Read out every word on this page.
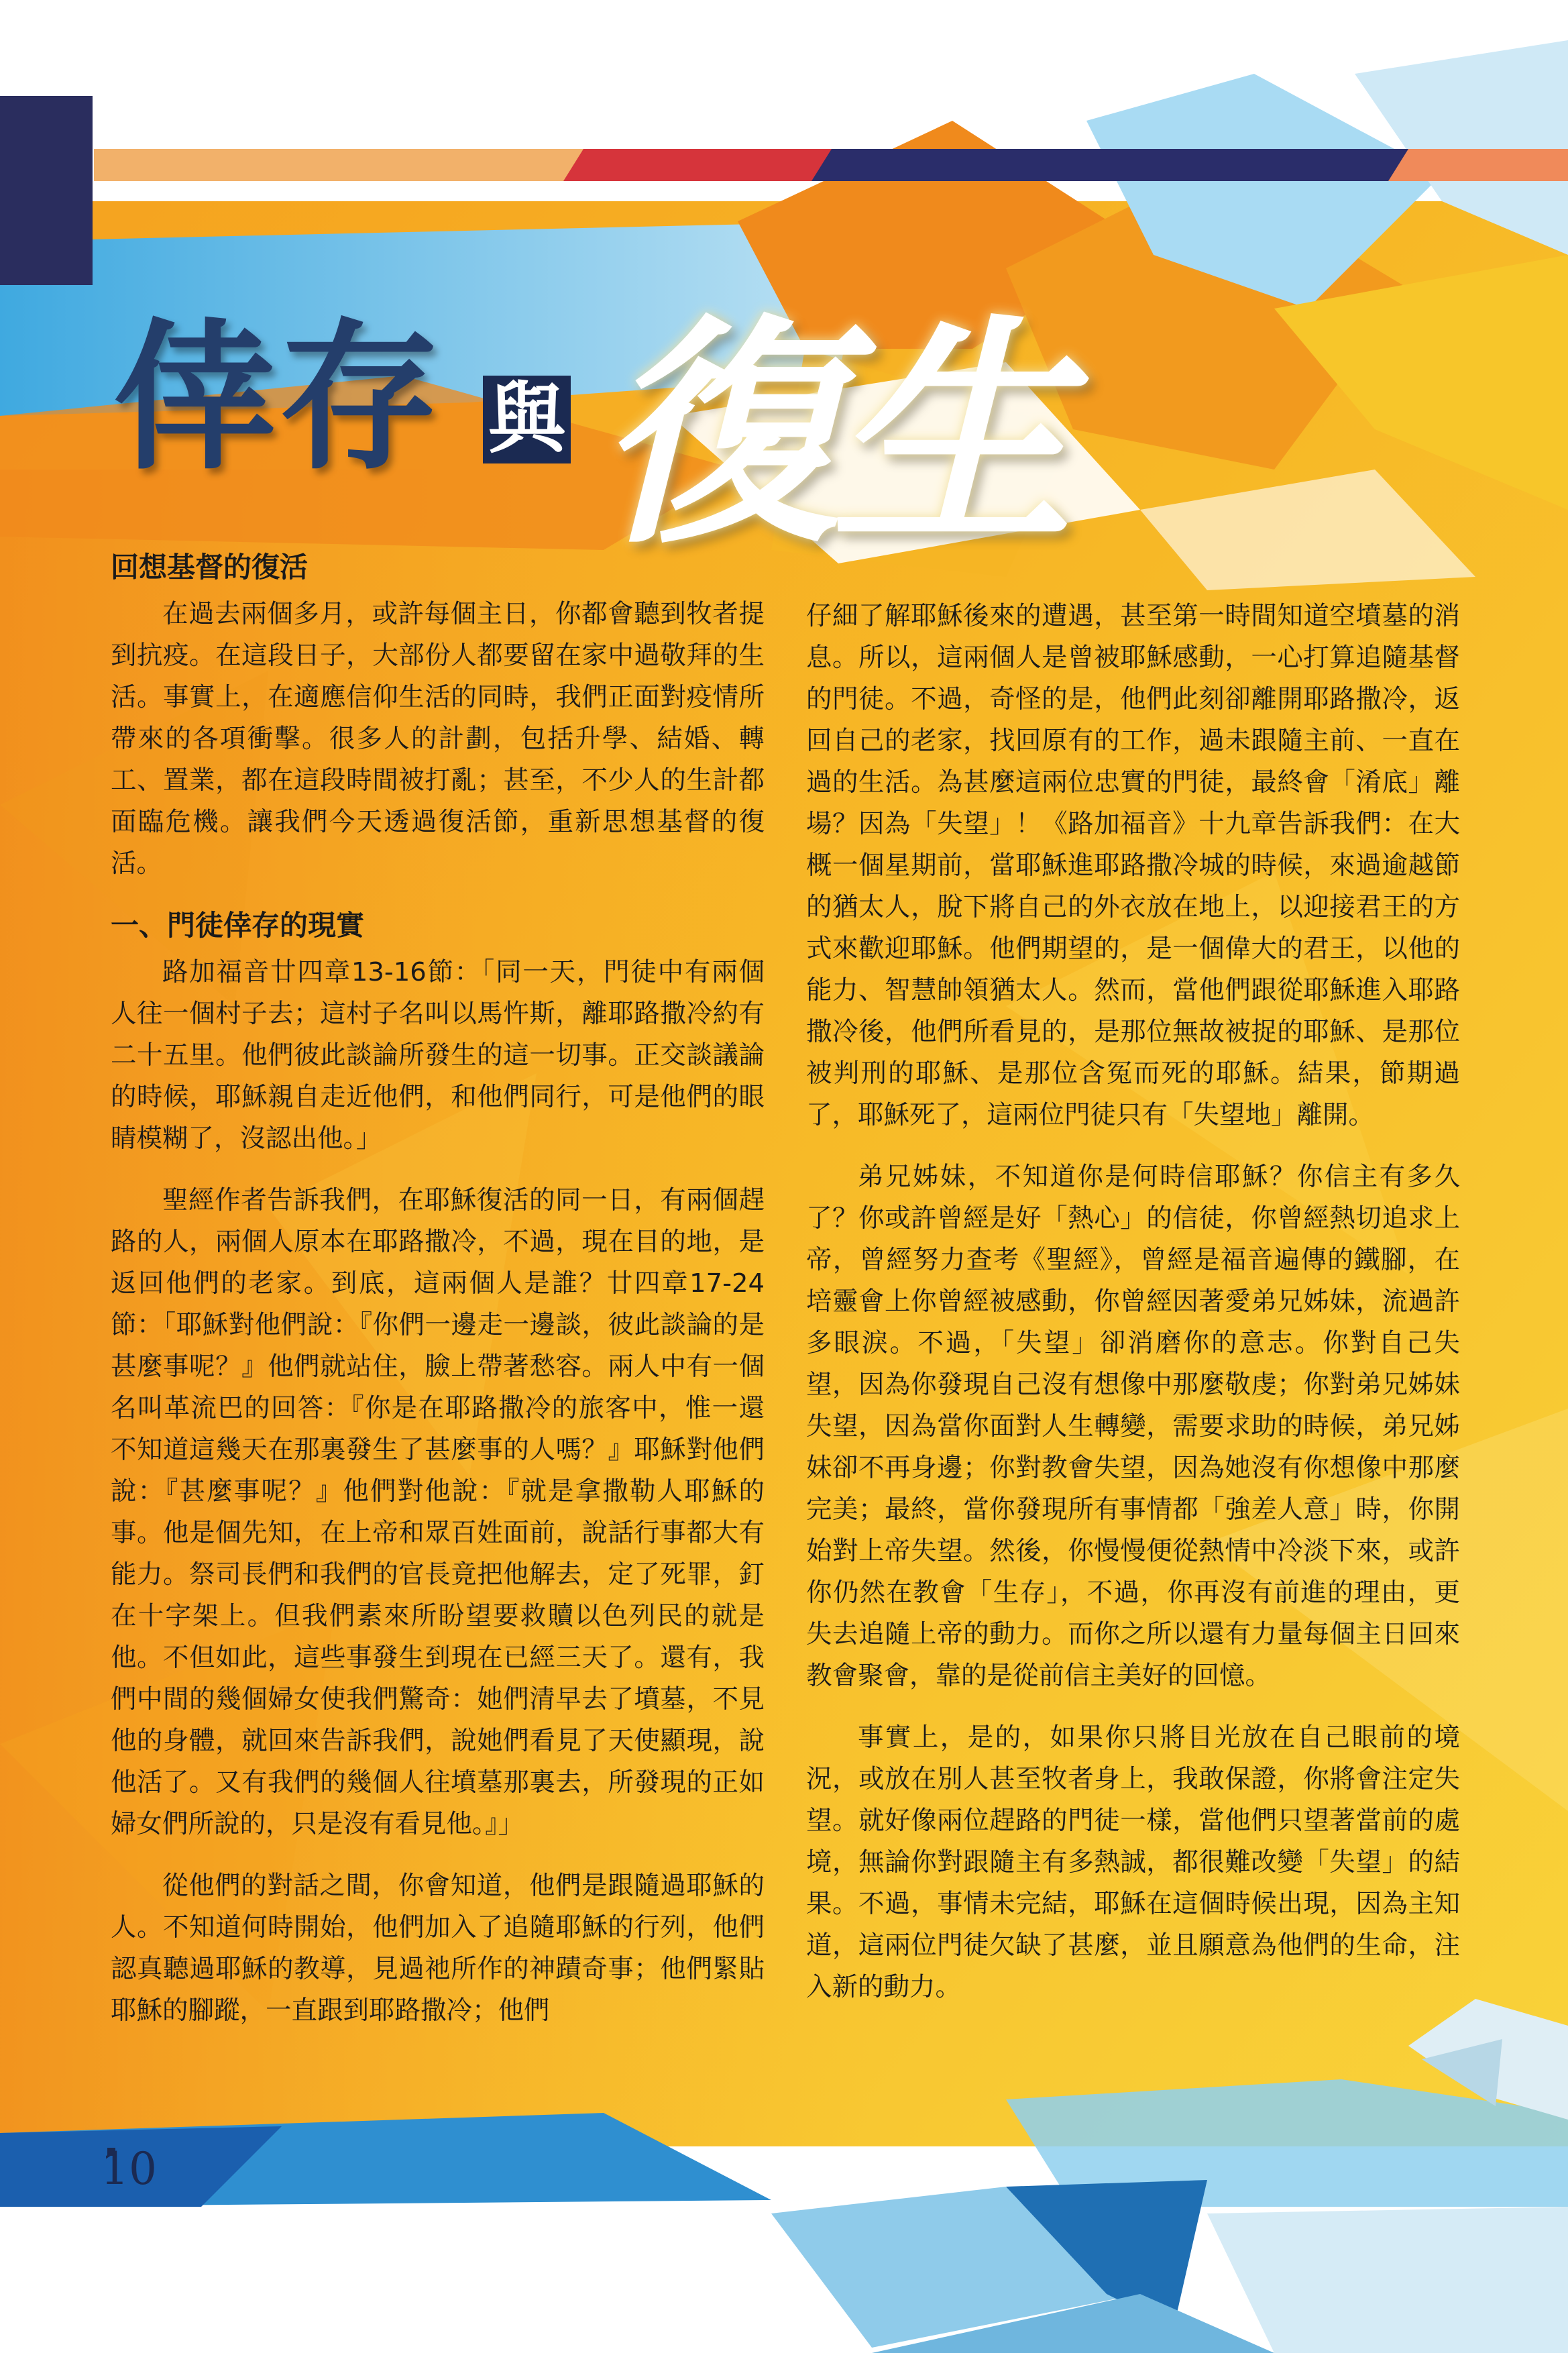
倖存 與 復生
回想基督的復活

在過去兩個多月，或許每個主日，你都會聽到牧者提到抗疫。在這段日子，大部份人都要留在家中過敬拜的生活。事實上，在適應信仰生活的同時，我們正面對疫情所帶來的各項衝擊。很多人的計劃，包括升學、結婚、轉工、置業，都在這段時間被打亂；甚至，不少人的生計都面臨危機。讓我們今天透過復活節，重新思想基督的復活。

一、門徒倖存的現實

路加福音廿四章13-16節：「同一天，門徒中有兩個人往一個村子去；這村子名叫以馬忤斯，離耶路撒冷約有二十五里。他們彼此談論所發生的這一切事。正交談議論的時候，耶穌親自走近他們，和他們同行，可是他們的眼睛模糊了，沒認出他。」

聖經作者告訴我們，在耶穌復活的同一日，有兩個趕路的人，兩個人原本在耶路撒冷，不過，現在目的地，是返回他們的老家。到底，這兩個人是誰？廿四章17-24節：「耶穌對他們說：『你們一邊走一邊談，彼此談論的是甚麼事呢？』他們就站住，臉上帶著愁容。兩人中有一個名叫革流巴的回答：『你是在耶路撒冷的旅客中，惟一還不知道這幾天在那裏發生了甚麼事的人嗎？』耶穌對他們說：『甚麼事呢？』他們對他說：『就是拿撒勒人耶穌的事。他是個先知，在上帝和眾百姓面前，說話行事都大有能力。祭司長們和我們的官長竟把他解去，定了死罪，釘在十字架上。但我們素來所盼望要救贖以色列民的就是他。不但如此，這些事發生到現在已經三天了。還有，我們中間的幾個婦女使我們驚奇：她們清早去了墳墓，不見他的身體，就回來告訴我們，說她們看見了天使顯現，說他活了。又有我們的幾個人往墳墓那裏去，所發現的正如婦女們所說的，只是沒有看見他。』」

從他們的對話之間，你會知道，他們是跟隨過耶穌的人。不知道何時開始，他們加入了追隨耶穌的行列，他們認真聽過耶穌的教導，見過祂所作的神蹟奇事；他們緊貼耶穌的腳蹤，一直跟到耶路撒冷；他們

仔細了解耶穌後來的遭遇，甚至第一時間知道空墳墓的消息。所以，這兩個人是曾被耶穌感動，一心打算追隨基督的門徒。不過，奇怪的是，他們此刻卻離開耶路撒冷，返回自己的老家，找回原有的工作，過未跟隨主前、一直在過的生活。為甚麼這兩位忠實的門徒，最終會「淆底」離場？因為「失望」！《路加福音》十九章告訴我們：在大概一個星期前，當耶穌進耶路撒冷城的時候，來過逾越節的猶太人，脫下將自己的外衣放在地上，以迎接君王的方式來歡迎耶穌。他們期望的，是一個偉大的君王，以他的能力、智慧帥領猶太人。然而，當他們跟從耶穌進入耶路撒冷後，他們所看見的，是那位無故被捉的耶穌、是那位被判刑的耶穌、是那位含冤而死的耶穌。結果，節期過了，耶穌死了，這兩位門徒只有「失望地」離開。

弟兄姊妹，不知道你是何時信耶穌？你信主有多久了？你或許曾經是好「熱心」的信徒，你曾經熱切追求上帝，曾經努力查考《聖經》，曾經是福音遍傳的鐵腳，在培靈會上你曾經被感動，你曾經因著愛弟兄姊妹，流過許多眼淚。不過，「失望」卻消磨你的意志。你對自己失望，因為你發現自己沒有想像中那麼敬虔；你對弟兄姊妹失望，因為當你面對人生轉變，需要求助的時候，弟兄姊妹卻不再身邊；你對教會失望，因為她沒有你想像中那麼完美；最終，當你發現所有事情都「強差人意」時，你開始對上帝失望。然後，你慢慢便從熱情中冷淡下來，或許你仍然在教會「生存」，不過，你再沒有前進的理由，更失去追隨上帝的動力。而你之所以還有力量每個主日回來教會聚會，靠的是從前信主美好的回憶。

事實上，是的，如果你只將目光放在自己眼前的境況，或放在別人甚至牧者身上，我敢保證，你將會注定失望。就好像兩位趕路的門徒一樣，當他們只望著當前的處境，無論你對跟隨主有多熱誠，都很難改變「失望」的結果。不過，事情未完結，耶穌在這個時候出現，因為主知道，這兩位門徒欠缺了甚麼，並且願意為他們的生命，注入新的動力。

10
